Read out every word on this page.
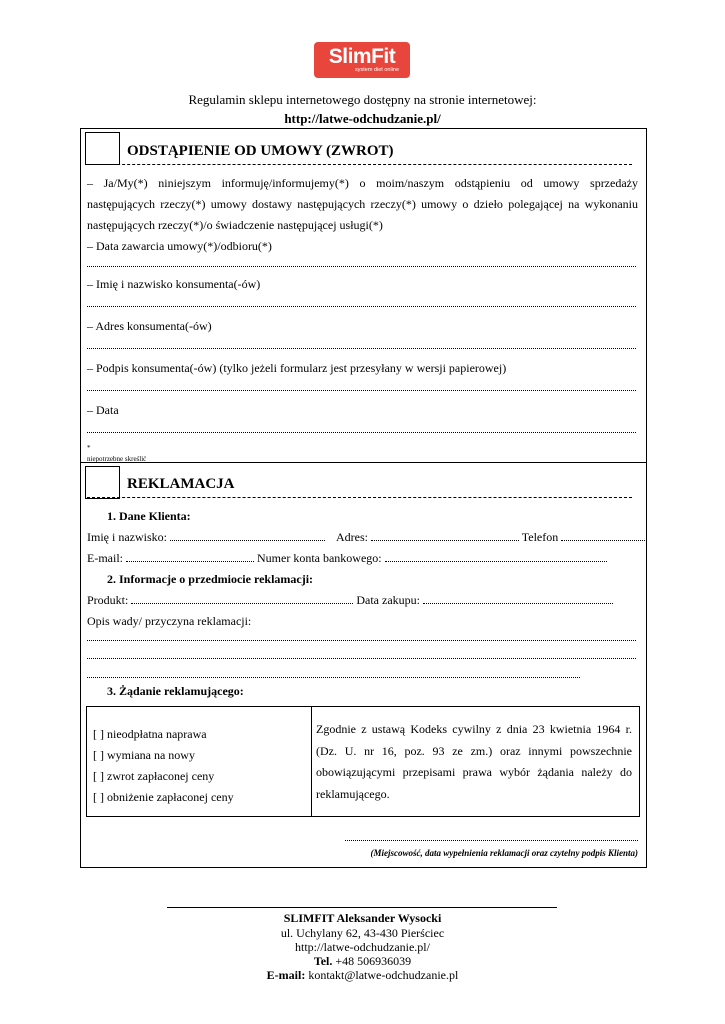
SlimFit
system diet online
Regulamin sklepu internetowego dostępny na stronie internetowej:
http://latwe-odchudzanie.pl/
ODSTĄPIENIE OD UMOWY (ZWROT)
– Ja/My(*) niniejszym informuję/informujemy(*) o moim/naszym odstąpieniu od umowy sprzedaży następujących rzeczy(*) umowy dostawy następujących rzeczy(*) umowy o dzieło polegającej na wykonaniu następujących rzeczy(*)/o świadczenie następującej usługi(*)
– Data zawarcia umowy(*)/odbioru(*)
– Imię i nazwisko konsumenta(-ów)
– Adres konsumenta(-ów)
– Podpis konsumenta(-ów) (tylko jeżeli formularz jest przesyłany w wersji papierowej)
– Data
*
niepotrzebne skreślić
REKLAMACJA
1. Dane Klienta:
Imię i nazwisko:	Adres:	Telefon
E-mail:	Numer konta bankowego:
2. Informacje o przedmiocie reklamacji:
Produkt:	Data zakupu:
Opis wady/ przyczyna reklamacji:
3. Żądanie reklamującego:
[ ] nieodpłatna naprawa
[ ] wymiana na nowy
[ ] zwrot zapłaconej ceny
[ ] obniżenie zapłaconej ceny
Zgodnie z ustawą Kodeks cywilny z dnia 23 kwietnia 1964 r. (Dz. U. nr 16, poz. 93 ze zm.) oraz innymi powszechnie obowiązującymi przepisami prawa wybór żądania należy do reklamującego.
(Miejscowość, data wypełnienia reklamacji oraz czytelny podpis Klienta)
SLIMFIT Aleksander Wysocki
ul. Uchylany 62, 43-430 Pierściec
http://latwe-odchudzanie.pl/
Tel. +48 506936039
E-mail: kontakt@latwe-odchudzanie.pl
